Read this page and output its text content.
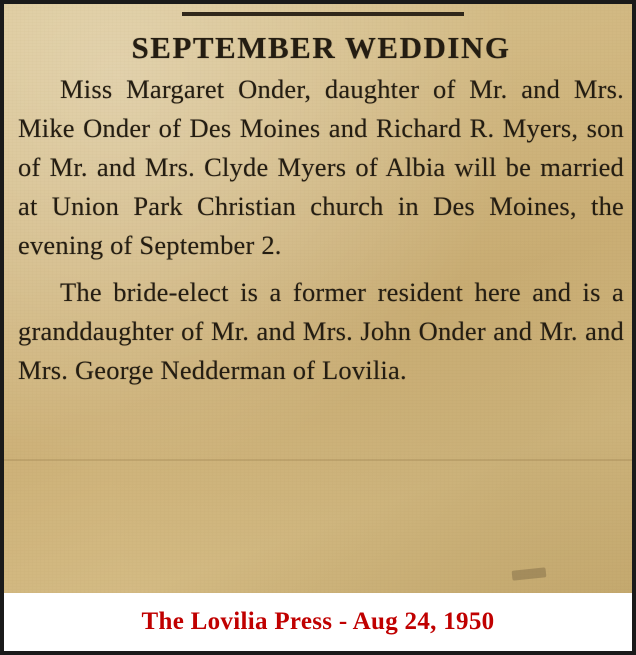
SEPTEMBER WEDDING

Miss Margaret Onder, daughter of Mr. and Mrs. Mike Onder of Des Moines and Richard R. Myers, son of Mr. and Mrs. Clyde Myers of Albia will be married at Union Park Christian church in Des Moines, the evening of September 2.

The bride-elect is a former resident here and is a granddaughter of Mr. and Mrs. John Onder and Mr. and Mrs. George Nedderman of Lovilia.

The Lovilia Press - Aug 24, 1950
